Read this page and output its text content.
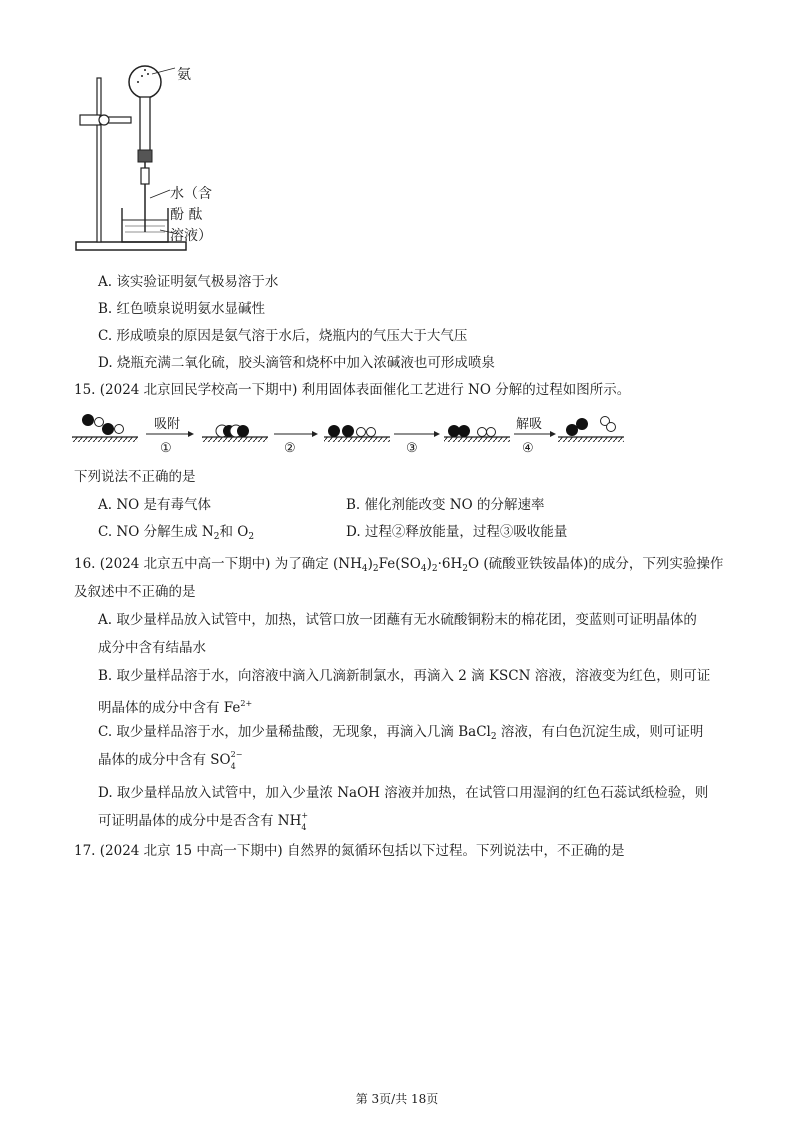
氨
水（含
酚 酞
溶液）
A. 该实验证明氨气极易溶于水
B. 红色喷泉说明氨水显碱性
C. 形成喷泉的原因是氨气溶于水后，烧瓶内的气压大于大气压
D. 烧瓶充满二氧化硫，胶头滴管和烧杯中加入浓碱液也可形成喷泉
15. (2024 北京回民学校高一下期中) 利用固体表面催化工艺进行 NO 分解的过程如图所示。
吸附
①	②	③
解吸
④
下列说法不正确的是
A. NO 是有毒气体	B. 催化剂能改变 NO 的分解速率
C. NO 分解生成 $N_2$和 $O_2$	D. 过程②释放能量，过程③吸收能量
16. (2024 北京五中高一下期中) 为了确定 $(NH_4)_2Fe(SO_4)_2\cdot 6H_2O$ (硫酸亚铁铵晶体)的成分，下列实验操作
及叙述中不正确的是
A. 取少量样品放入试管中，加热，试管口放一团蘸有无水硫酸铜粉末的棉花团，变蓝则可证明晶体的
成分中含有结晶水
B. 取少量样品溶于水，向溶液中滴入几滴新制氯水，再滴入 2 滴 KSCN 溶液，溶液变为红色，则可证
明晶体的成分中含有 $Fe^{2+}$
C. 取少量样品溶于水，加少量稀盐酸，无现象，再滴入几滴 BaCl$_2$ 溶液，有白色沉淀生成，则可证明
晶体的成分中含有 SO 2−
4
D. 取少量样品放入试管中，加入少量浓 NaOH 溶液并加热，在试管口用湿润的红色石蕊试纸检验，则
可证明晶体的成分中是否含有 NH +
4
17. (2024 北京 15 中高一下期中) 自然界的氮循环包括以下过程。下列说法中，不正确的是
第 3页/共 18页
